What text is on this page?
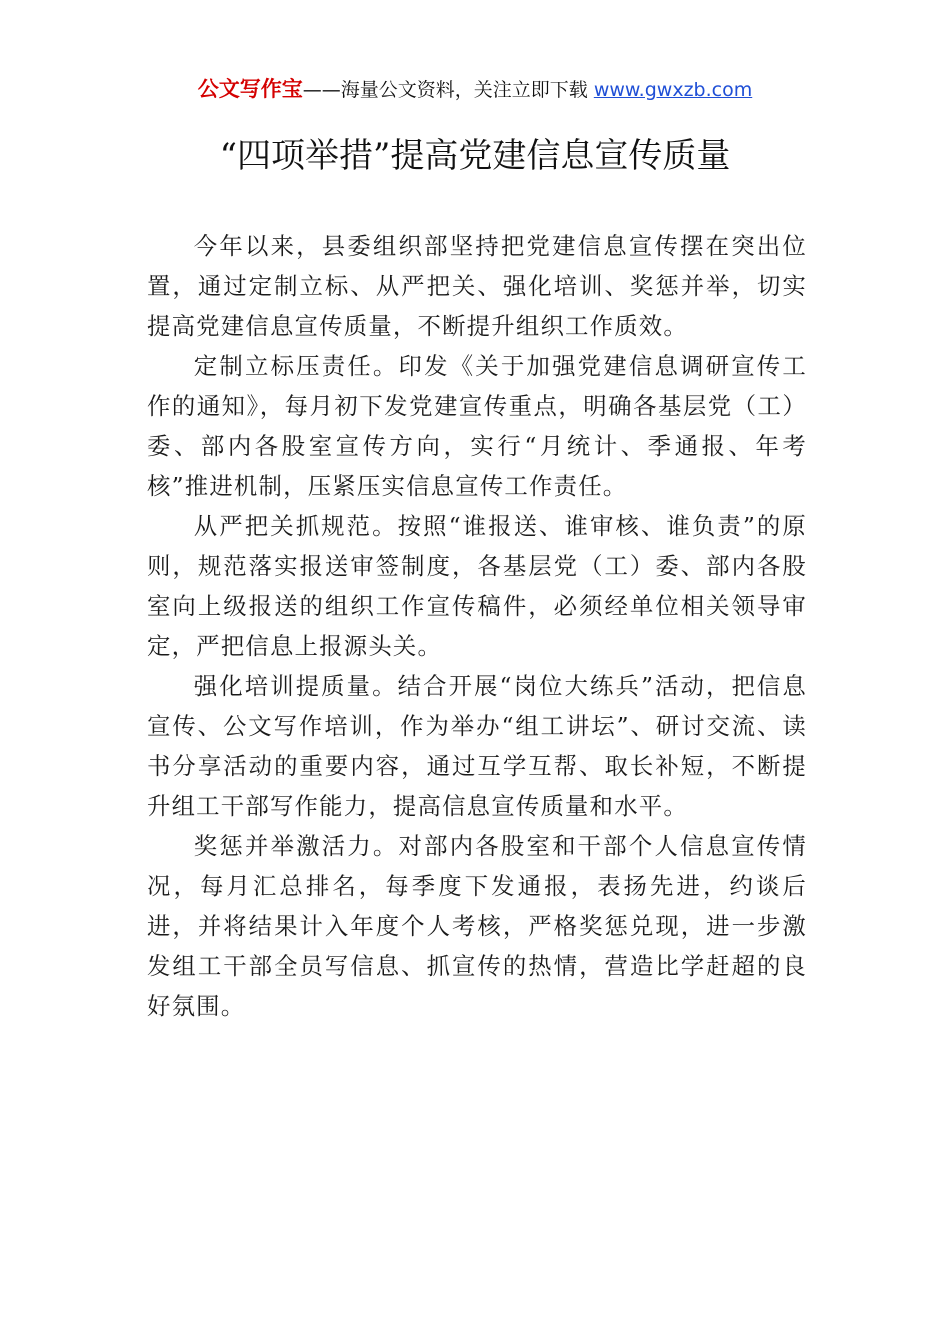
公文写作宝——海量公文资料，关注立即下载 www.gwxzb.com
“四项举措”提高党建信息宣传质量

今年以来，县委组织部坚持把党建信息宣传摆在突出位置，通过定制立标、从严把关、强化培训、奖惩并举，切实提高党建信息宣传质量，不断提升组织工作质效。

定制立标压责任。印发《关于加强党建信息调研宣传工作的通知》，每月初下发党建宣传重点，明确各基层党（工）委、部内各股室宣传方向，实行“月统计、季通报、年考核”推进机制，压紧压实信息宣传工作责任。

从严把关抓规范。按照“谁报送、谁审核、谁负责”的原则，规范落实报送审签制度，各基层党（工）委、部内各股室向上级报送的组织工作宣传稿件，必须经单位相关领导审定，严把信息上报源头关。

强化培训提质量。结合开展“岗位大练兵”活动，把信息宣传、公文写作培训，作为举办“组工讲坛”、研讨交流、读书分享活动的重要内容，通过互学互帮、取长补短，不断提升组工干部写作能力，提高信息宣传质量和水平。

奖惩并举激活力。对部内各股室和干部个人信息宣传情况，每月汇总排名，每季度下发通报，表扬先进，约谈后进，并将结果计入年度个人考核，严格奖惩兑现，进一步激发组工干部全员写信息、抓宣传的热情，营造比学赶超的良好氛围。
